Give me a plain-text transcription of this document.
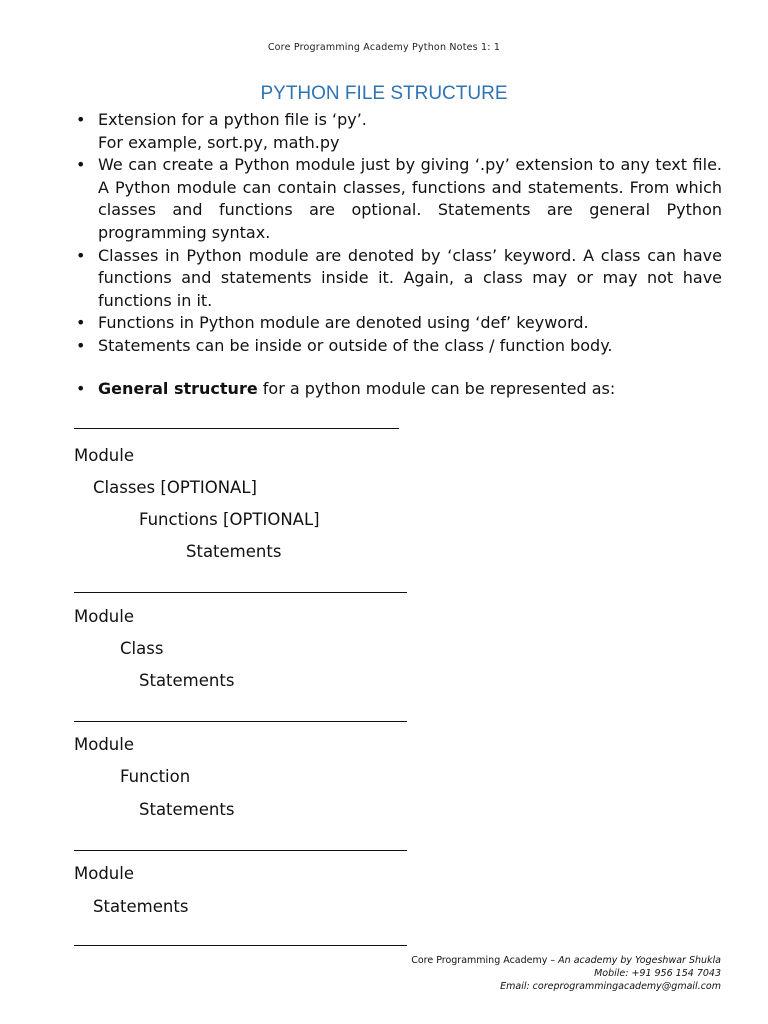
Core Programming Academy Python Notes 1: 1
PYTHON FILE STRUCTURE
• Extension for a python file is ‘py’.
For example, sort.py, math.py
• We can create a Python module just by giving ‘.py’ extension to any text file. A Python module can contain classes, functions and statements. From which classes and functions are optional. Statements are general Python programming syntax.
• Classes in Python module are denoted by ‘class’ keyword. A class can have functions and statements inside it. Again, a class may or may not have functions in it.
• Functions in Python module are denoted using ‘def’ keyword.
• Statements can be inside or outside of the class / function body.
• General structure for a python module can be represented as:
Module
Classes [OPTIONAL]
Functions [OPTIONAL]
Statements
Module
Class
Statements
Module
Function
Statements
Module
Statements
Core Programming Academy – An academy by Yogeshwar Shukla
Mobile: +91 956 154 7043
Email: coreprogrammingacademy@gmail.com
